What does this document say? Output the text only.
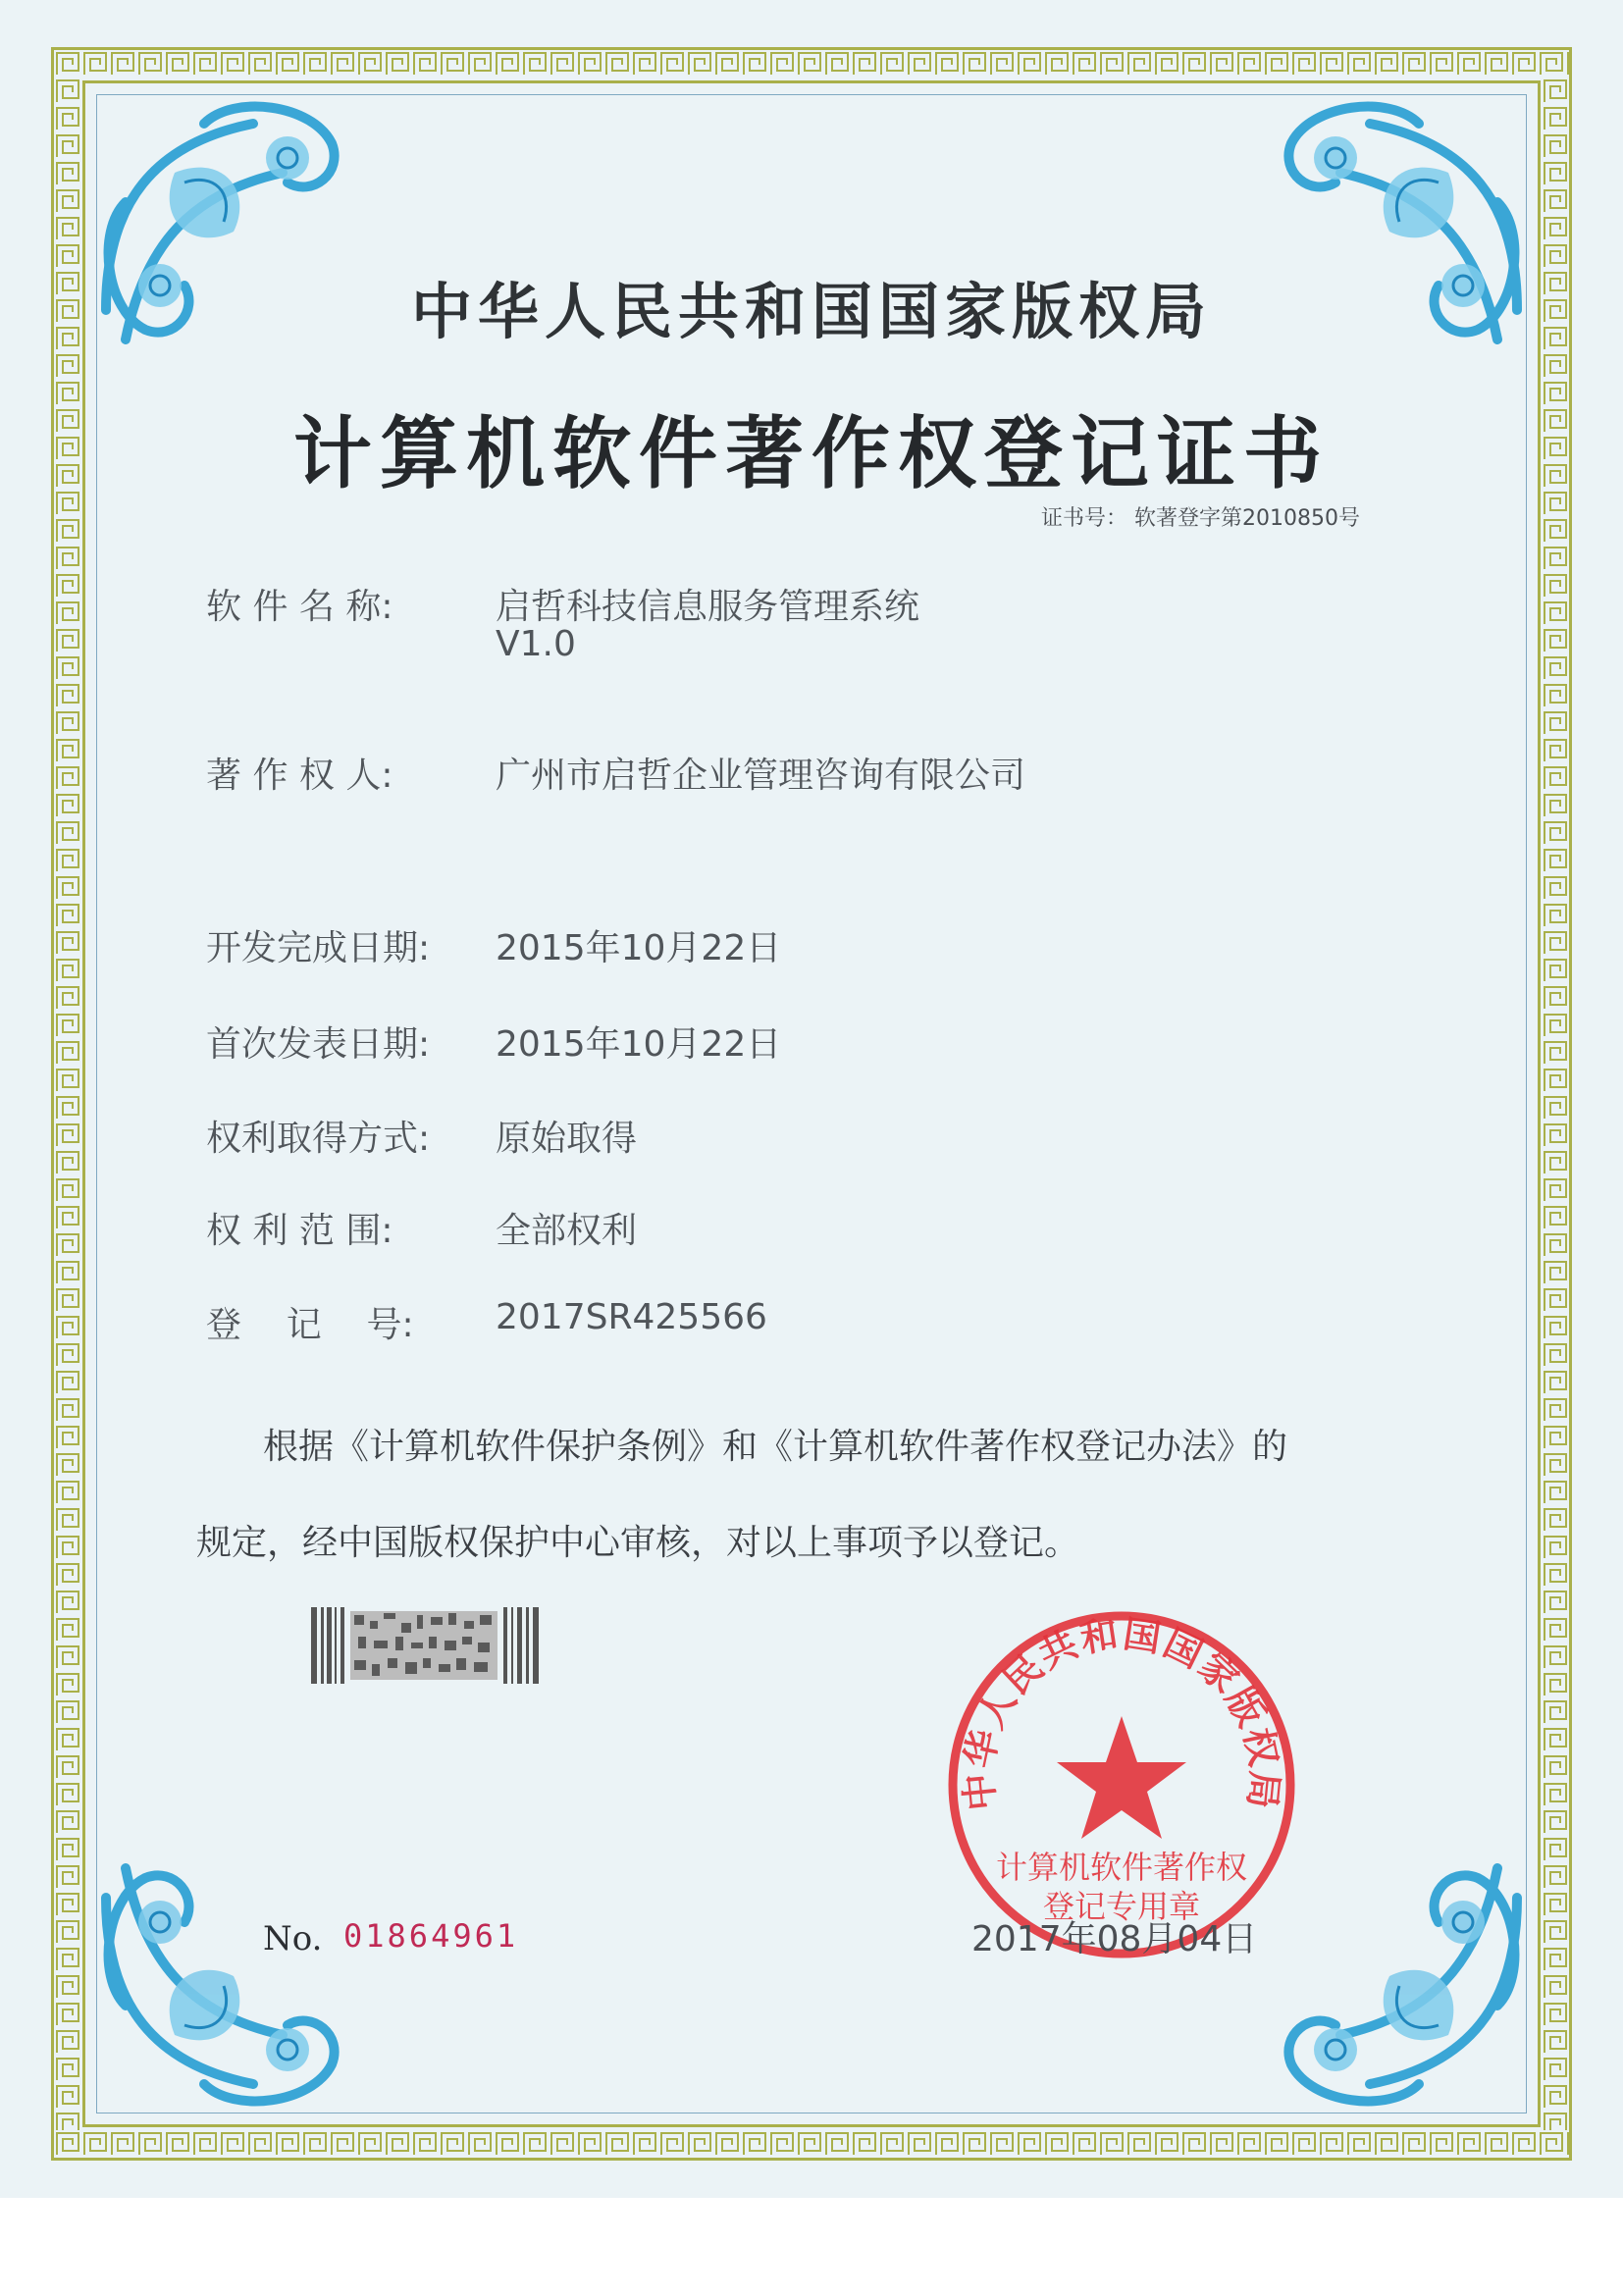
中华人民共和国国家版权局
计算机软件著作权登记证书
证书号： 软著登字第2010850号
软 件 名 称:	启哲科技信息服务管理系统
V1.0
著 作 权 人:	广州市启哲企业管理咨询有限公司
开发完成日期: 2015年10月22日
首次发表日期: 2015年10月22日
权利取得方式: 原始取得
权 利 范 围:	全部权利
登    记    号: 2017SR425566
根据《计算机软件保护条例》和《计算机软件著作权登记办法》的
规定，经中国版权保护中心审核，对以上事项予以登记。
中华人民共和国国家版权局
计算机软件著作权
登记专用章
No. 01864961	2017年08月04日
